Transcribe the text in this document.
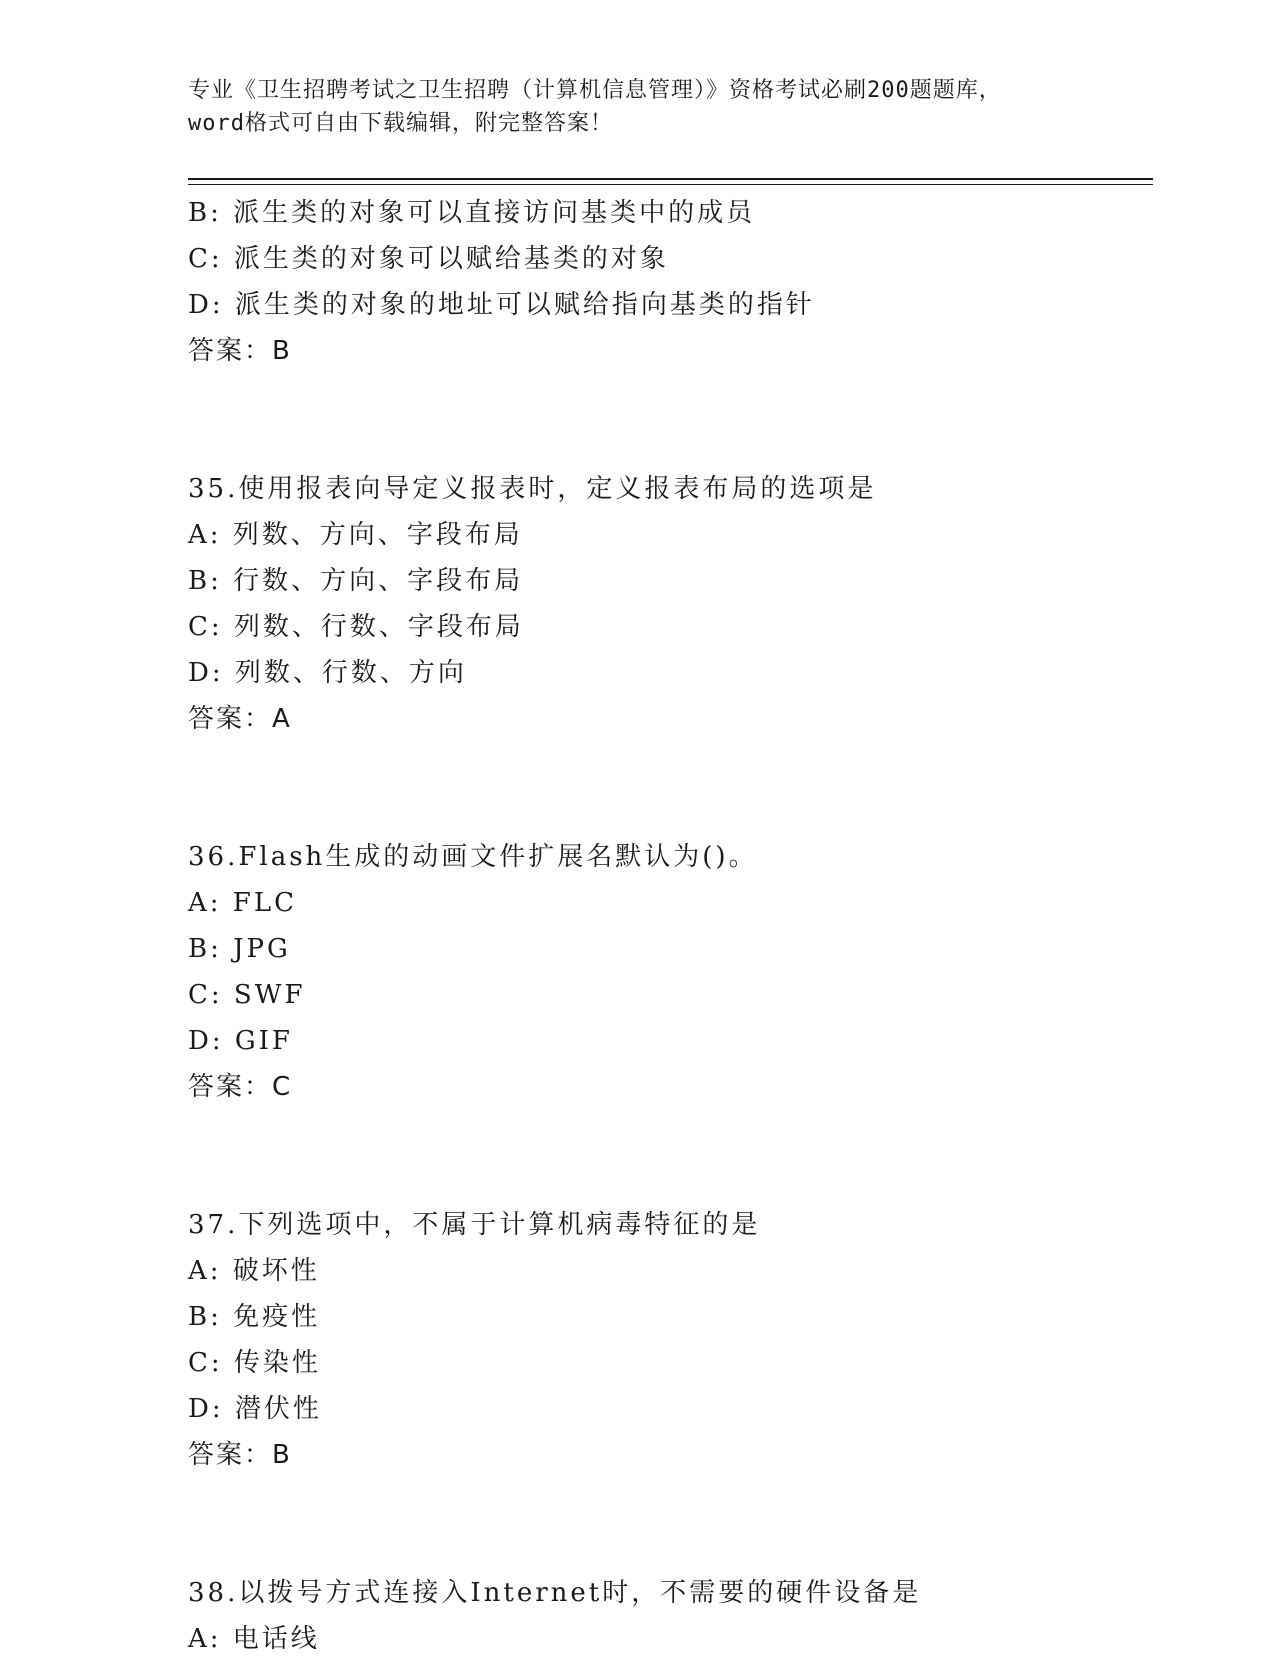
专业《卫生招聘考试之卫生招聘（计算机信息管理）》资格考试必刷200题题库，
word格式可自由下载编辑，附完整答案！
B: 派生类的对象可以直接访问基类中的成员
C: 派生类的对象可以赋给基类的对象
D: 派生类的对象的地址可以赋给指向基类的指针
答案：B
35.使用报表向导定义报表时，定义报表布局的选项是
A: 列数、方向、字段布局
B: 行数、方向、字段布局
C: 列数、行数、字段布局
D: 列数、行数、方向
答案：A
36.Flash生成的动画文件扩展名默认为()。
A: FLC
B: JPG
C: SWF
D: GIF
答案：C
37.下列选项中，不属于计算机病毒特征的是
A: 破坏性
B: 免疫性
C: 传染性
D: 潜伏性
答案：B
38.以拨号方式连接入Internet时，不需要的硬件设备是
A: 电话线
